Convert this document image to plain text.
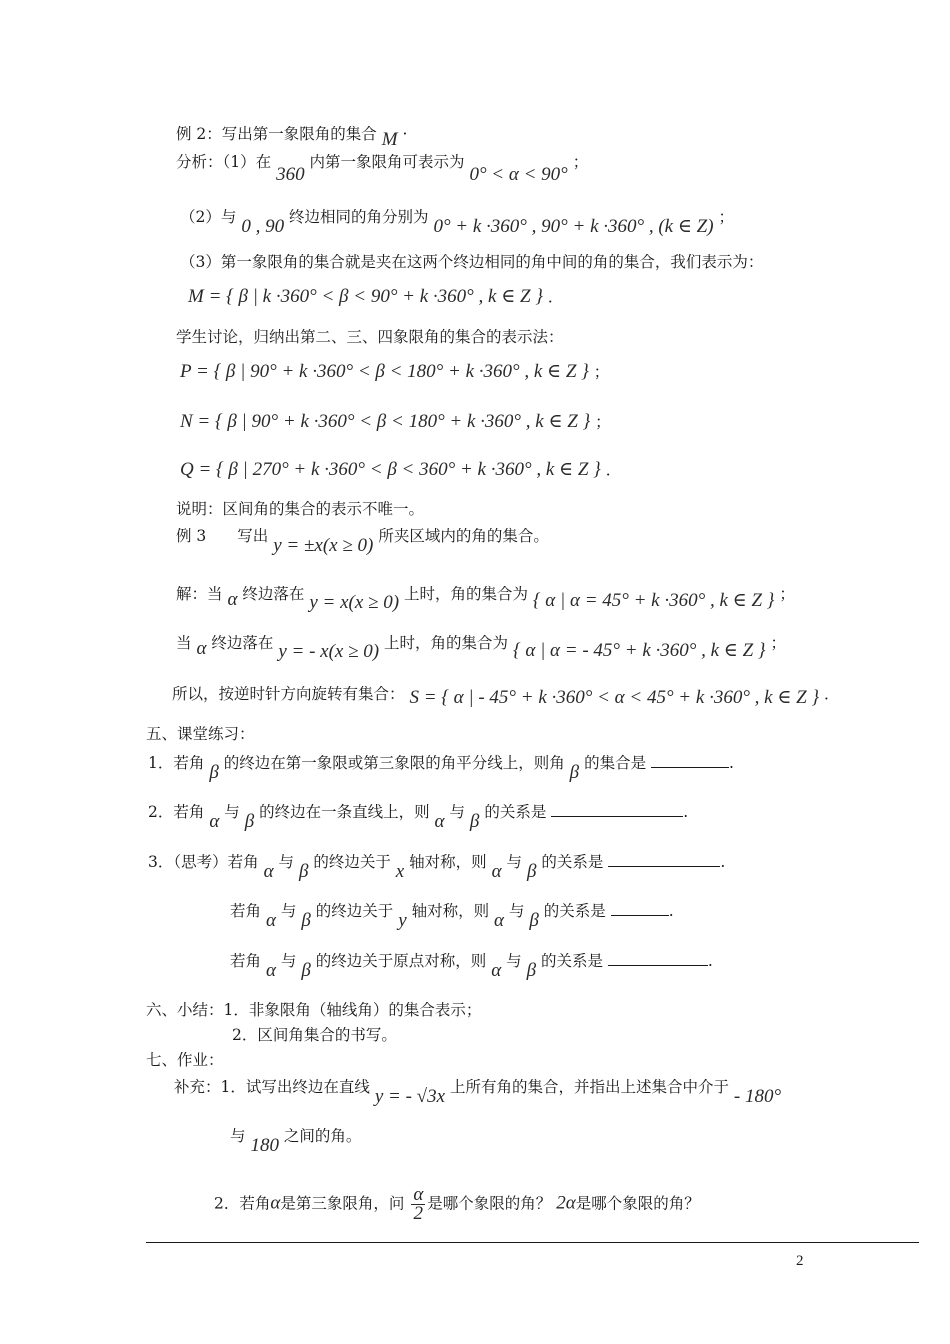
例 2：写出第一象限角的集合 M ·
分析：（1）在 360 内第一象限角可表示为 0° < α < 90° ；
（2）与 0 , 90 终边相同的角分别为 0° + k ·360° , 90° + k ·360° , (k ∈ Z) ；
（3）第一象限角的集合就是夹在这两个终边相同的角中间的角的集合，我们表示为：
M = { β | k ·360° < β < 90° + k ·360° , k ∈ Z } ．
学生讨论，归纳出第二、三、四象限角的集合的表示法：
P = { β | 90° + k ·360° < β < 180° + k ·360° , k ∈ Z } ；
N = { β | 90° + k ·360° < β < 180° + k ·360° , k ∈ Z } ；
Q = { β | 270° + k ·360° < β < 360° + k ·360° , k ∈ Z } ．
说明：区间角的集合的表示不唯一。
例 3　　写出 y = ±x(x ≥ 0) 所夹区域内的角的集合。
解：当 α 终边落在 y = x(x ≥ 0) 上时，角的集合为 { α | α = 45° + k ·360° , k ∈ Z } ；
当 α 终边落在 y = - x(x ≥ 0) 上时，角的集合为 { α | α = - 45° + k ·360° , k ∈ Z } ；
所以，按逆时针方向旋转有集合： S = { α | - 45° + k ·360° < α < 45° + k ·360° , k ∈ Z } ．
五、课堂练习：
1．若角 β 的终边在第一象限或第三象限的角平分线上，则角 β 的集合是	.
2．若角 α 与 β 的终边在一条直线上，则 α 与 β 的关系是	.
3．（思考）若角 α 与 β 的终边关于 x 轴对称，则 α 与 β 的关系是	.
若角 α 与 β 的终边关于 y 轴对称，则 α 与 β 的关系是	.
若角 α 与 β 的终边关于原点对称，则 α 与 β 的关系是	.
六、小结：1．非象限角（轴线角）的集合表示；
2．区间角集合的书写。
七、作业：
补充：1．试写出终边在直线 y = - √3x 上所有角的集合，并指出上述集合中介于 - 180°
与 180 之间的角。
2．若角α是第三象限角，问 $\frac{\alpha}{2}$ 是哪个象限的角？ 2α是哪个象限的角？
2
